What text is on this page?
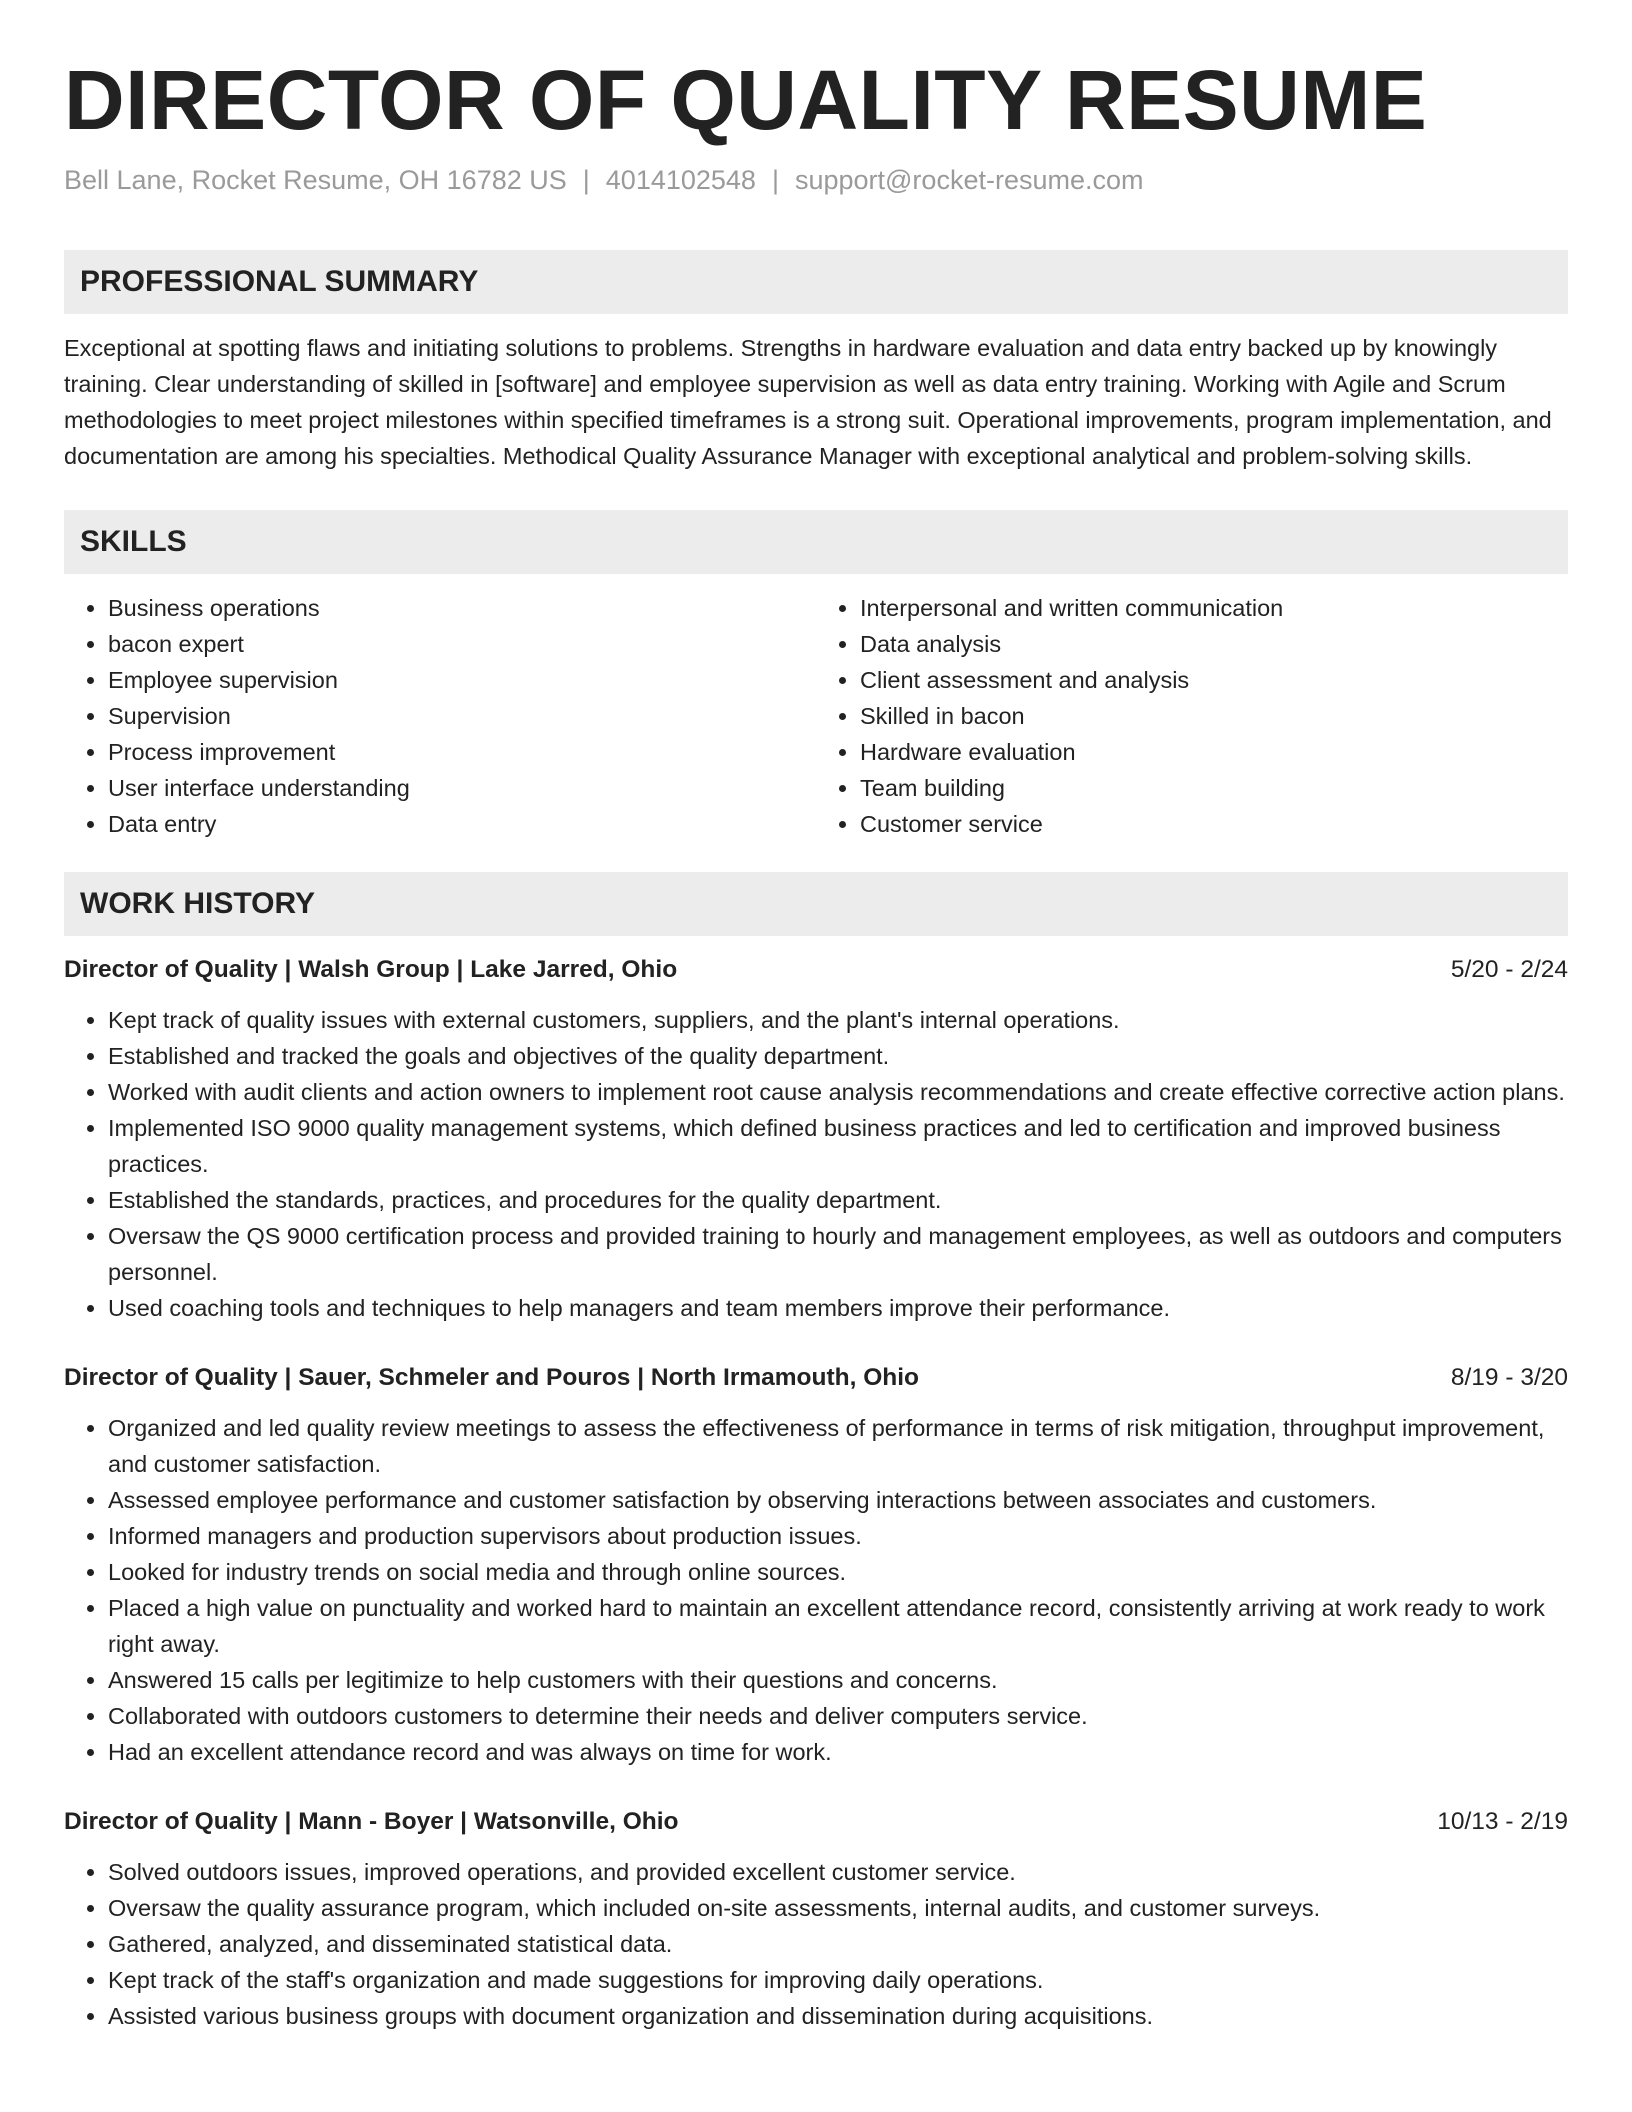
DIRECTOR OF QUALITY RESUME
Bell Lane, Rocket Resume, OH 16782 US | 4014102548 | support@rocket-resume.com
PROFESSIONAL SUMMARY
Exceptional at spotting flaws and initiating solutions to problems. Strengths in hardware evaluation and data entry backed up by knowingly training. Clear understanding of skilled in [software] and employee supervision as well as data entry training. Working with Agile and Scrum methodologies to meet project milestones within specified timeframes is a strong suit. Operational improvements, program implementation, and documentation are among his specialties. Methodical Quality Assurance Manager with exceptional analytical and problem-solving skills.
SKILLS
• Business operations
• bacon expert
• Employee supervision
• Supervision
• Process improvement
• User interface understanding
• Data entry
• Interpersonal and written communication
• Data analysis
• Client assessment and analysis
• Skilled in bacon
• Hardware evaluation
• Team building
• Customer service
WORK HISTORY
Director of Quality | Walsh Group | Lake Jarred, Ohio	5/20 - 2/24
• Kept track of quality issues with external customers, suppliers, and the plant's internal operations.
• Established and tracked the goals and objectives of the quality department.
• Worked with audit clients and action owners to implement root cause analysis recommendations and create effective corrective action plans.
• Implemented ISO 9000 quality management systems, which defined business practices and led to certification and improved business practices.
• Established the standards, practices, and procedures for the quality department.
• Oversaw the QS 9000 certification process and provided training to hourly and management employees, as well as outdoors and computers personnel.
• Used coaching tools and techniques to help managers and team members improve their performance.
Director of Quality | Sauer, Schmeler and Pouros | North Irmamouth, Ohio	8/19 - 3/20
• Organized and led quality review meetings to assess the effectiveness of performance in terms of risk mitigation, throughput improvement, and customer satisfaction.
• Assessed employee performance and customer satisfaction by observing interactions between associates and customers.
• Informed managers and production supervisors about production issues.
• Looked for industry trends on social media and through online sources.
• Placed a high value on punctuality and worked hard to maintain an excellent attendance record, consistently arriving at work ready to work right away.
• Answered 15 calls per legitimize to help customers with their questions and concerns.
• Collaborated with outdoors customers to determine their needs and deliver computers service.
• Had an excellent attendance record and was always on time for work.
Director of Quality | Mann - Boyer | Watsonville, Ohio	10/13 - 2/19
• Solved outdoors issues, improved operations, and provided excellent customer service.
• Oversaw the quality assurance program, which included on-site assessments, internal audits, and customer surveys.
• Gathered, analyzed, and disseminated statistical data.
• Kept track of the staff's organization and made suggestions for improving daily operations.
• Assisted various business groups with document organization and dissemination during acquisitions.
